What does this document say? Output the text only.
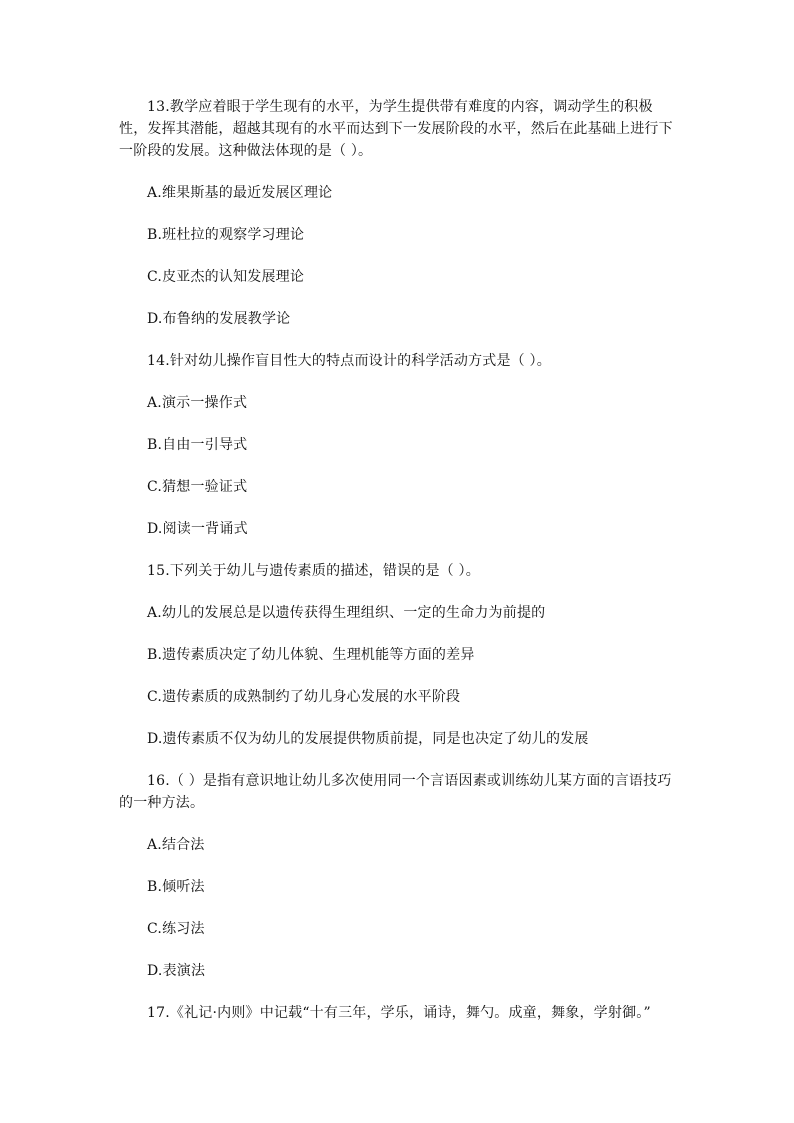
13.教学应着眼于学生现有的水平，为学生提供带有难度的内容，调动学生的积极性，发挥其潜能，超越其现有的水平而达到下一发展阶段的水平，然后在此基础上进行下一阶段的发展。这种做法体现的是（ ）。

A.维果斯基的最近发展区理论

B.班杜拉的观察学习理论

C.皮亚杰的认知发展理论

D.布鲁纳的发展教学论

14.针对幼儿操作盲目性大的特点而设计的科学活动方式是（ ）。

A.演示一操作式

B.自由一引导式

C.猜想一验证式

D.阅读一背诵式

15.下列关于幼儿与遗传素质的描述，错误的是（ ）。

A.幼儿的发展总是以遗传获得生理组织、一定的生命力为前提的

B.遗传素质决定了幼儿体貌、生理机能等方面的差异

C.遗传素质的成熟制约了幼儿身心发展的水平阶段

D.遗传素质不仅为幼儿的发展提供物质前提，同是也决定了幼儿的发展

16.（ ）是指有意识地让幼儿多次使用同一个言语因素或训练幼儿某方面的言语技巧的一种方法。

A.结合法

B.倾听法

C.练习法

D.表演法

17.《礼记·内则》中记载“十有三年，学乐，诵诗，舞勺。成童，舞象，学射御。”
